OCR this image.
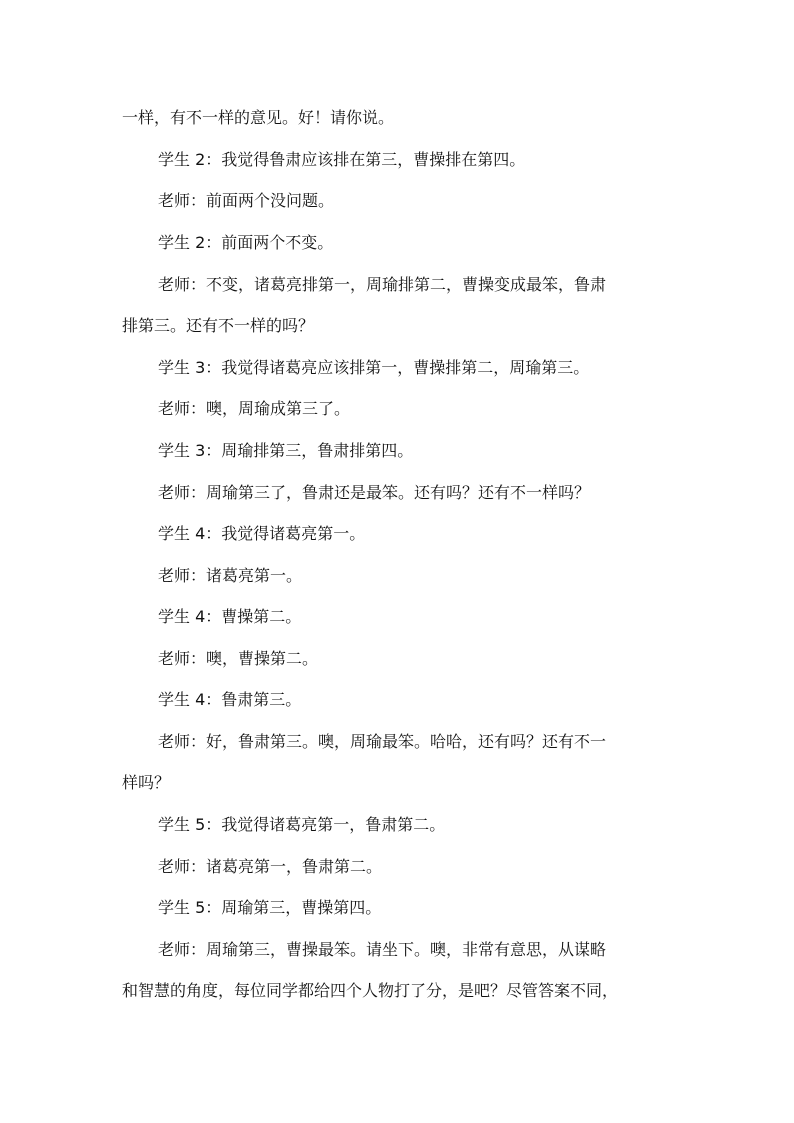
一样，有不一样的意见。好！请你说。
学生 2：我觉得鲁肃应该排在第三，曹操排在第四。
老师：前面两个没问题。
学生 2：前面两个不变。
老师：不变，诸葛亮排第一，周瑜排第二，曹操变成最笨，鲁肃
排第三。还有不一样的吗？
学生 3：我觉得诸葛亮应该排第一，曹操排第二，周瑜第三。
老师：噢，周瑜成第三了。
学生 3：周瑜排第三，鲁肃排第四。
老师：周瑜第三了，鲁肃还是最笨。还有吗？还有不一样吗？
学生 4：我觉得诸葛亮第一。
老师：诸葛亮第一。
学生 4：曹操第二。
老师：噢，曹操第二。
学生 4：鲁肃第三。
老师：好，鲁肃第三。噢，周瑜最笨。哈哈，还有吗？还有不一
样吗？
学生 5：我觉得诸葛亮第一，鲁肃第二。
老师：诸葛亮第一，鲁肃第二。
学生 5：周瑜第三，曹操第四。
老师：周瑜第三，曹操最笨。请坐下。噢，非常有意思，从谋略
和智慧的角度，每位同学都给四个人物打了分，是吧？尽管答案不同，
